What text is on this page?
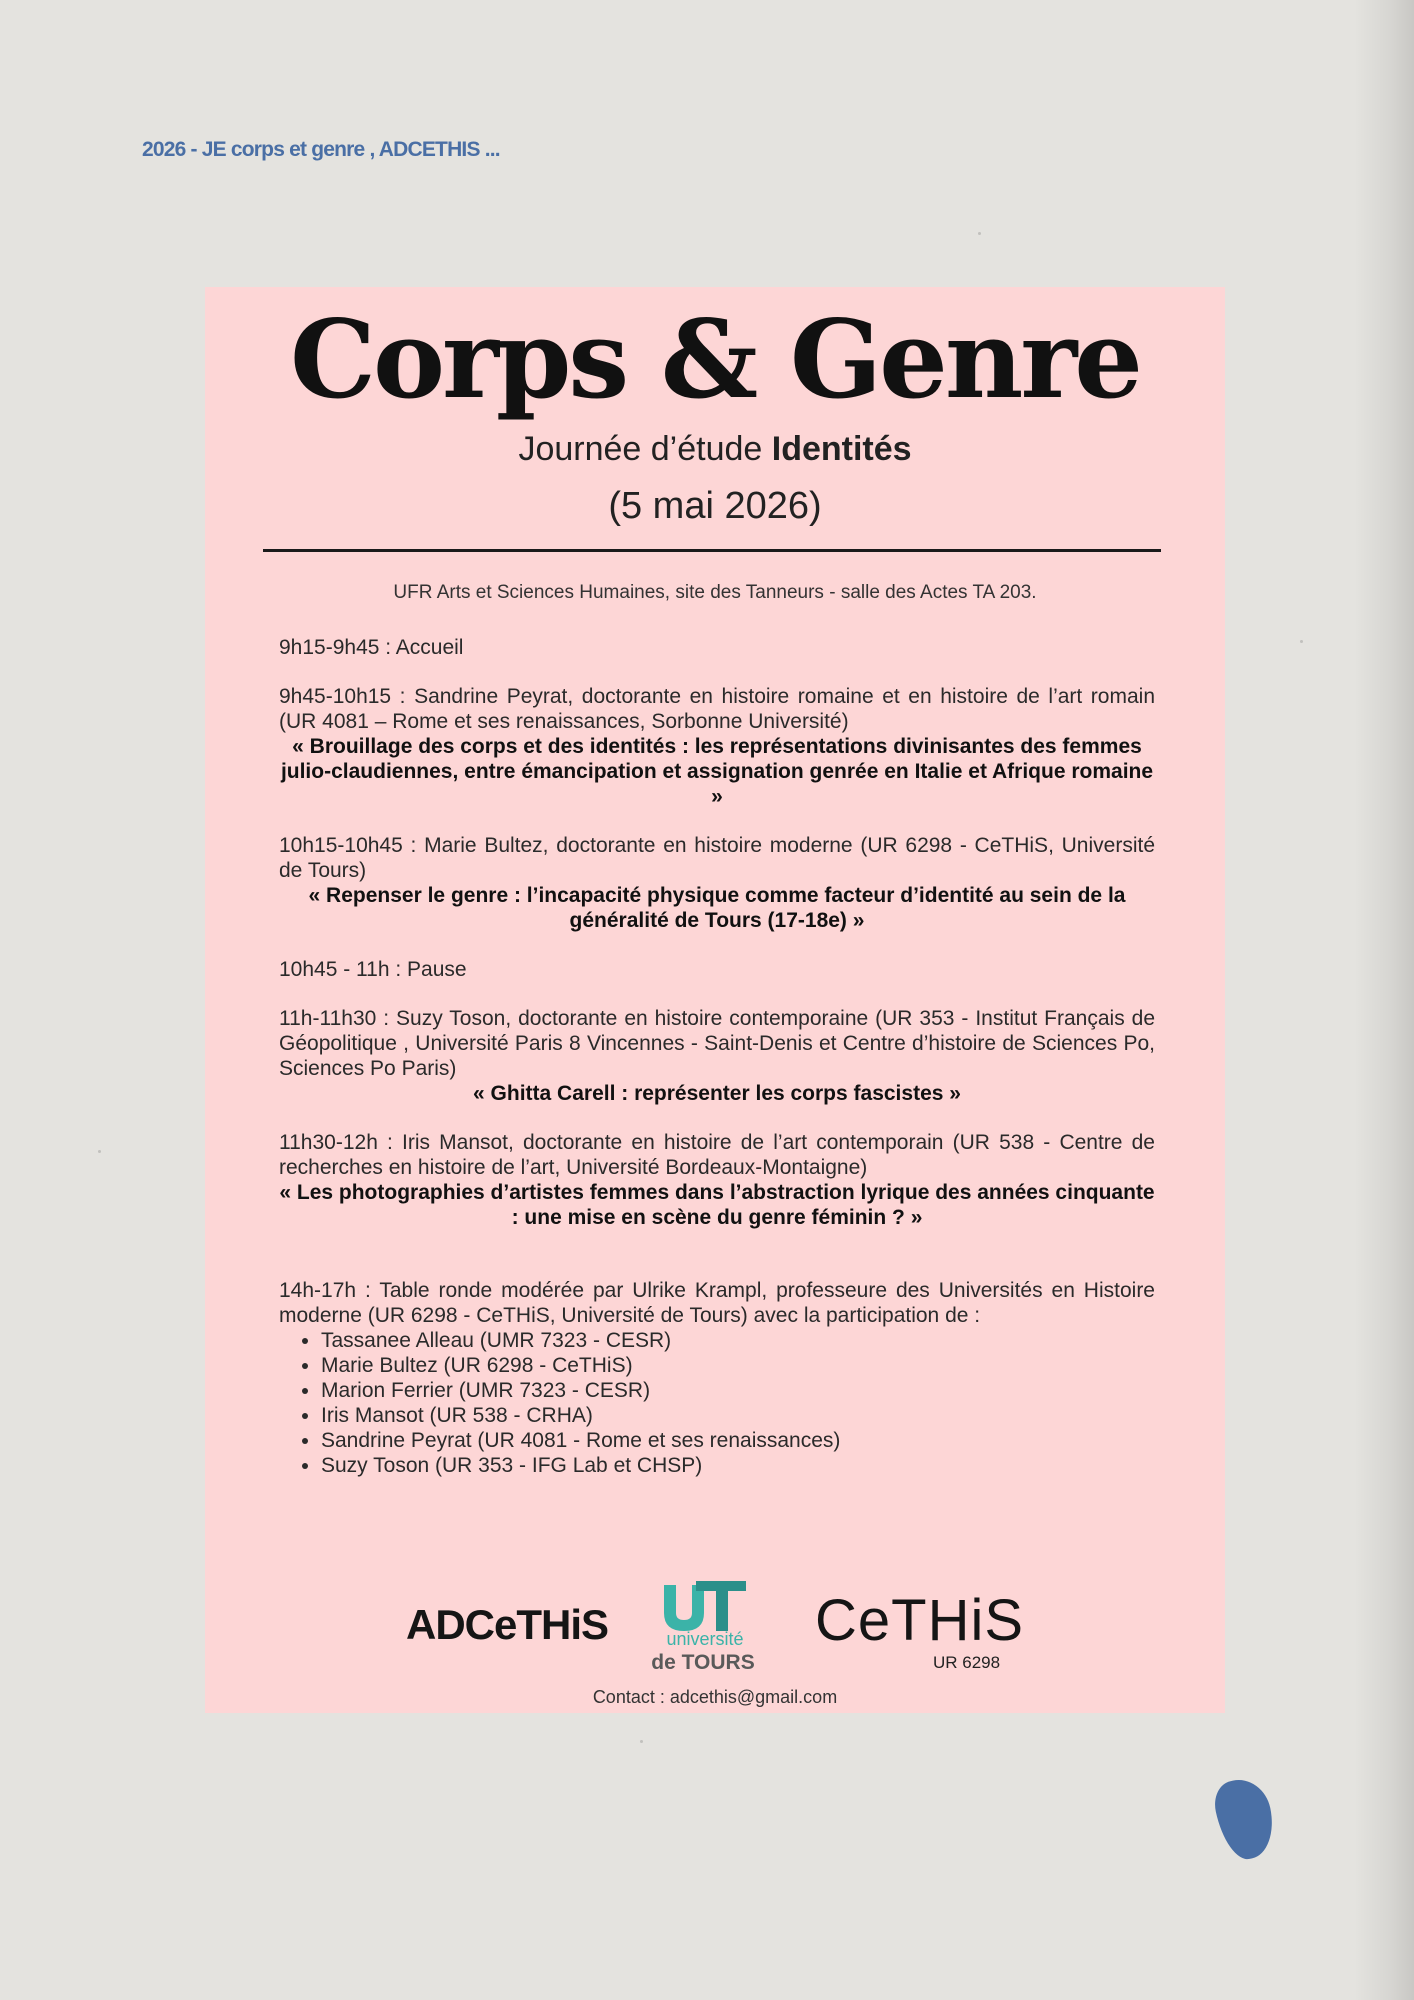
2026 - JE corps et genre , ADCETHIS ...
Corps & Genre
Journée d’étude Identités
(5 mai 2026)
UFR Arts et Sciences Humaines, site des Tanneurs - salle des Actes TA 203.
9h15-9h45 : Accueil
9h45-10h15 : Sandrine Peyrat, doctorante en histoire romaine et en histoire de l’art romain (UR 4081 – Rome et ses renaissances, Sorbonne Université)
« Brouillage des corps et des identités : les représentations divinisantes des femmes julio-claudiennes, entre émancipation et assignation genrée en Italie et Afrique romaine »
10h15-10h45 : Marie Bultez, doctorante en histoire moderne (UR 6298 - CeTHiS, Université de Tours)
« Repenser le genre : l’incapacité physique comme facteur d’identité au sein de la généralité de Tours (17-18e) »
10h45 - 11h : Pause
11h-11h30 : Suzy Toson, doctorante en histoire contemporaine (UR 353 - Institut Français de Géopolitique , Université Paris 8 Vincennes - Saint-Denis et Centre d’histoire de Sciences Po, Sciences Po Paris)
« Ghitta Carell : représenter les corps fascistes »
11h30-12h : Iris Mansot, doctorante en histoire de l’art contemporain (UR 538 - Centre de recherches en histoire de l’art, Université Bordeaux-Montaigne)
« Les photographies d’artistes femmes dans l’abstraction lyrique des années cinquante : une mise en scène du genre féminin ? »
14h-17h : Table ronde modérée par Ulrike Krampl, professeure des Universités en Histoire moderne (UR 6298 - CeTHiS, Université de Tours) avec la participation de :
• Tassanee Alleau (UMR 7323 - CESR)
• Marie Bultez (UR 6298 - CeTHiS)
• Marion Ferrier (UMR 7323 - CESR)
• Iris Mansot (UR 538 - CRHA)
• Sandrine Peyrat (UR 4081 - Rome et ses renaissances)
• Suzy Toson (UR 353 - IFG Lab et CHSP)
ADCeTHiS	université
de TOURS
CeTHiS
UR 6298
Contact : adcethis@gmail.com
